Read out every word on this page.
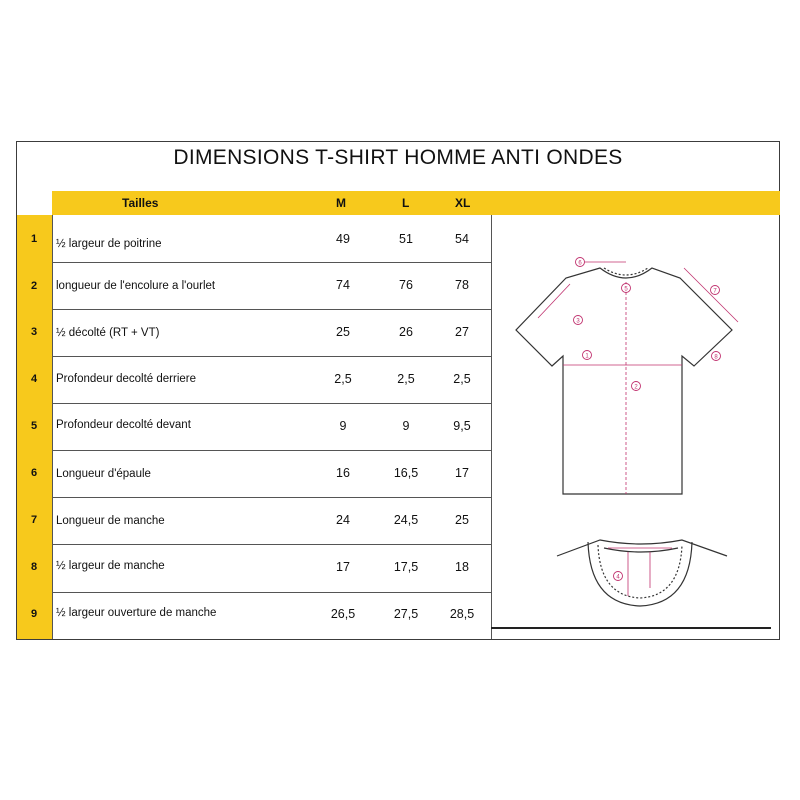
DIMENSIONS T-SHIRT HOMME ANTI ONDES
Tailles	M	L	XL
1	½ largeur de poitrine	49	51	54
2	longueur de l'encolure a l'ourlet	74	76	78
3	½ décolté (RT + VT)	25	26	27
4	Profondeur decolté derriere	2,5	2,5	2,5
5	Profondeur decolté devant	9	9	9,5
6	Longueur d'épaule	16	16,5	17
7	Longueur de manche	24	24,5	25
8	½ largeur de manche	17	17,5	18
9	½ largeur ouverture de manche	26,5	27,5	28,5
1
2
3
4
5
6
7
8
